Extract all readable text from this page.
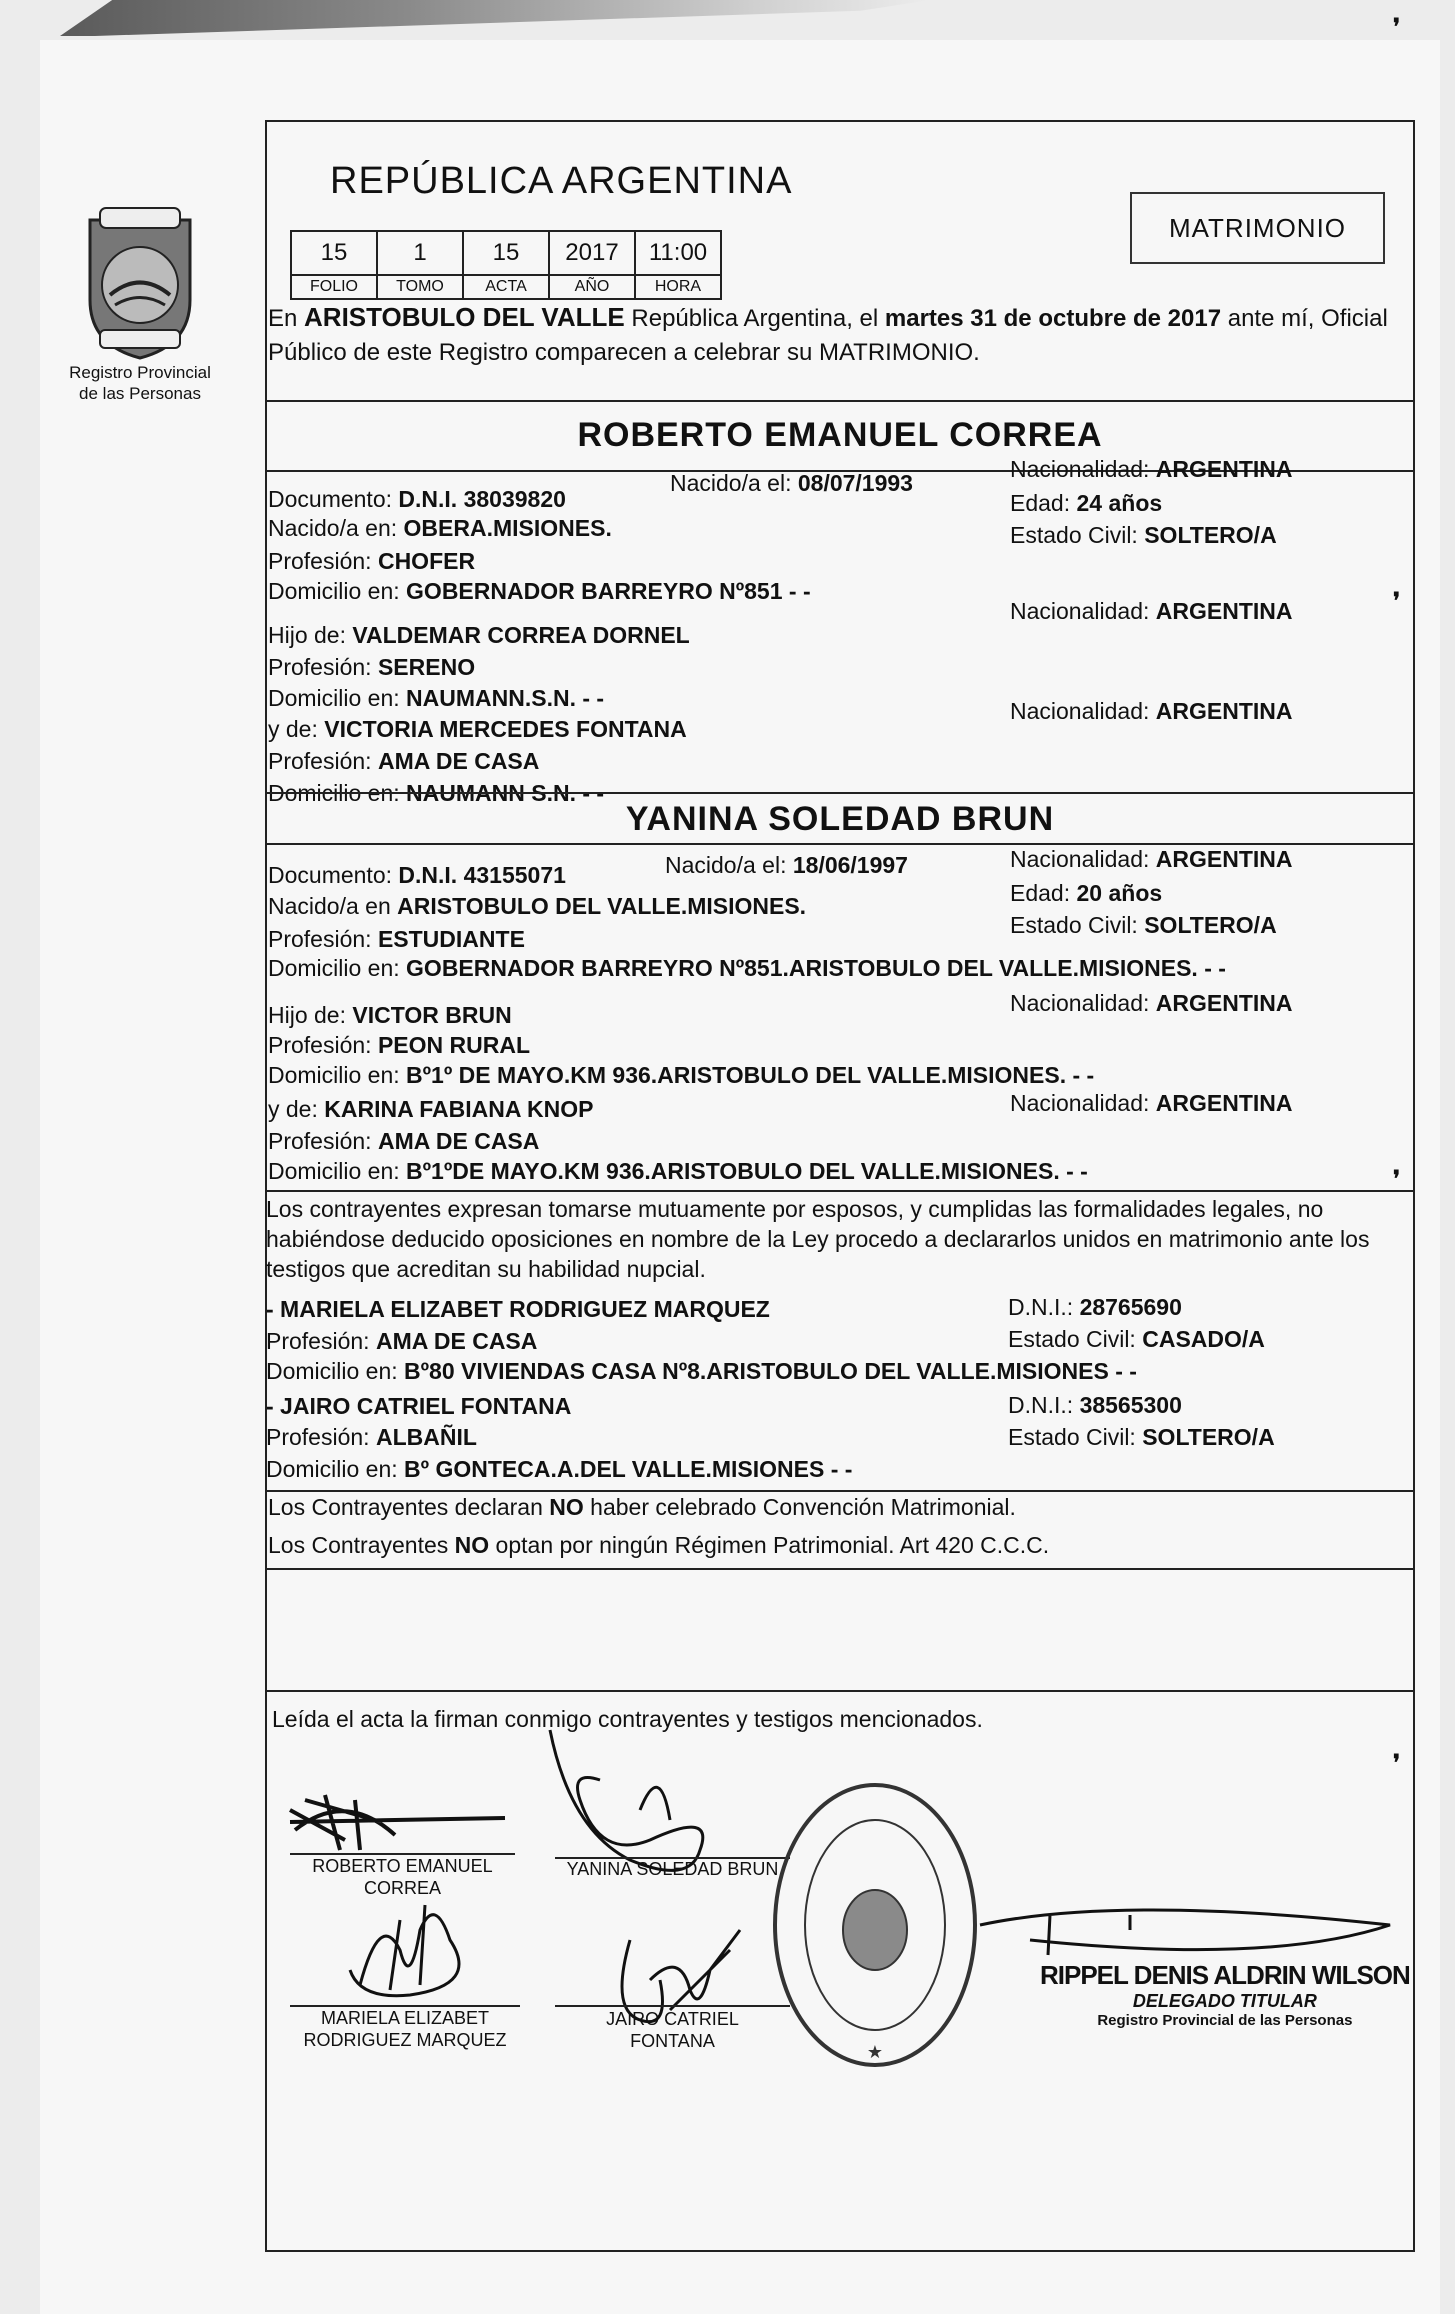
Registro Provincial
de las Personas
REPÚBLICA ARGENTINA
15	1	15	2017	11:00
FOLIO	TOMO	ACTA	AÑO	HORA
MATRIMONIO
En ARISTOBULO DEL VALLE República Argentina, el martes 31 de octubre de 2017 ante mí, Oficial Público de este Registro comparecen a celebrar su MATRIMONIO.
ROBERTO EMANUEL CORREA
Documento: D.N.I. 38039820
Nacido/a el: 08/07/1993
Nacionalidad: ARGENTINA
Edad: 24 años
Estado Civil: SOLTERO/A
Nacido/a en: OBERA.MISIONES.
Profesión: CHOFER
Domicilio en: GOBERNADOR BARREYRO Nº851 - -
Hijo de: VALDEMAR CORREA DORNEL
Nacionalidad: ARGENTINA
Profesión: SERENO
Domicilio en: NAUMANN.S.N. - -
y de: VICTORIA MERCEDES FONTANA
Nacionalidad: ARGENTINA
Profesión: AMA DE CASA
Domicilio en: NAUMANN S.N. - -
YANINA SOLEDAD BRUN
Documento: D.N.I. 43155071	Nacido/a el: 18/06/1997	Nacionalidad: ARGENTINA
Edad: 20 años
Estado Civil: SOLTERO/A
Nacido/a en ARISTOBULO DEL VALLE.MISIONES.
Profesión: ESTUDIANTE
Domicilio en: GOBERNADOR BARREYRO Nº851.ARISTOBULO DEL VALLE.MISIONES. - -
Hijo de: VICTOR BRUN	Nacionalidad: ARGENTINA
Profesión: PEON RURAL
Domicilio en: Bº1º DE MAYO.KM 936.ARISTOBULO DEL VALLE.MISIONES. - -
y de: KARINA FABIANA KNOP	Nacionalidad: ARGENTINA
Profesión: AMA DE CASA
Domicilio en: Bº1ºDE MAYO.KM 936.ARISTOBULO DEL VALLE.MISIONES. - -
Los contrayentes expresan tomarse mutuamente por esposos, y cumplidas las formalidades legales, no habiéndose deducido oposiciones en nombre de la Ley procedo a declararlos unidos en matrimonio ante los testigos que acreditan su habilidad nupcial.
- MARIELA ELIZABET RODRIGUEZ MARQUEZ	D.N.I.: 28765690
Profesión: AMA DE CASA	Estado Civil: CASADO/A
Domicilio en: Bº80 VIVIENDAS CASA Nº8.ARISTOBULO DEL VALLE.MISIONES - -
- JAIRO CATRIEL FONTANA	D.N.I.: 38565300
Profesión: ALBAÑIL	Estado Civil: SOLTERO/A
Domicilio en: Bº GONTECA.A.DEL VALLE.MISIONES - -
Los Contrayentes declaran NO haber celebrado Convención Matrimonial.
Los Contrayentes NO optan por ningún Régimen Patrimonial. Art 420 C.C.C.
Leída el acta la firman conmigo contrayentes y testigos mencionados.
ROBERTO EMANUEL
CORREA
YANINA SOLEDAD BRUN
MARIELA ELIZABET
RODRIGUEZ MARQUEZ
JAIRO CATRIEL
FONTANA
★
RIPPEL DENIS ALDRIN WILSON
DELEGADO TITULAR
Registro Provincial de las Personas
❜
❜
❜
❜
